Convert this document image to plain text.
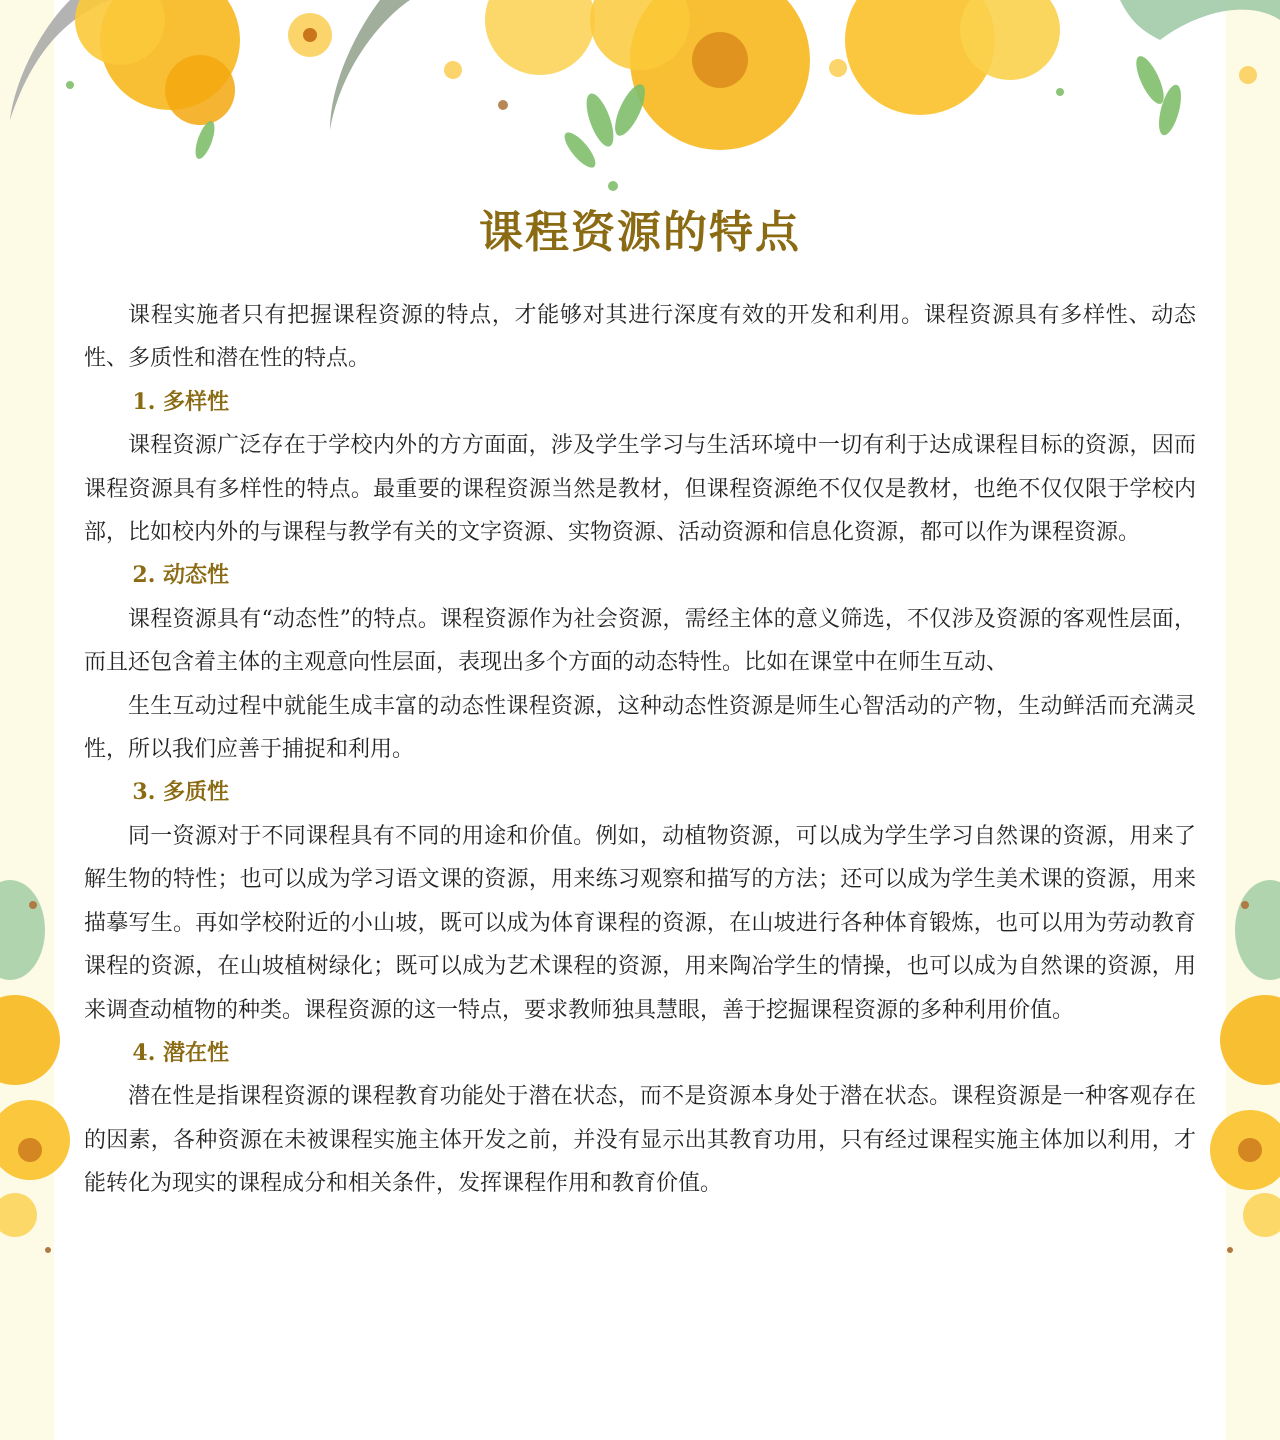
课程资源的特点

课程实施者只有把握课程资源的特点，才能够对其进行深度有效的开发和利用。课程资源具有多样性、动态性、多质性和潜在性的特点。

1. 多样性

课程资源广泛存在于学校内外的方方面面，涉及学生学习与生活环境中一切有利于达成课程目标的资源，因而课程资源具有多样性的特点。最重要的课程资源当然是教材，但课程资源绝不仅仅是教材，也绝不仅仅限于学校内部，比如校内外的与课程与教学有关的文字资源、实物资源、活动资源和信息化资源，都可以作为课程资源。

2. 动态性

课程资源具有“动态性”的特点。课程资源作为社会资源，需经主体的意义筛选，不仅涉及资源的客观性层面，而且还包含着主体的主观意向性层面，表现出多个方面的动态特性。比如在课堂中在师生互动、

生生互动过程中就能生成丰富的动态性课程资源，这种动态性资源是师生心智活动的产物，生动鲜活而充满灵性，所以我们应善于捕捉和利用。

3. 多质性

同一资源对于不同课程具有不同的用途和价值。例如，动植物资源，可以成为学生学习自然课的资源，用来了解生物的特性；也可以成为学习语文课的资源，用来练习观察和描写的方法；还可以成为学生美术课的资源，用来描摹写生。再如学校附近的小山坡，既可以成为体育课程的资源，在山坡进行各种体育锻炼，也可以用为劳动教育课程的资源，在山坡植树绿化；既可以成为艺术课程的资源，用来陶冶学生的情操，也可以成为自然课的资源，用来调查动植物的种类。课程资源的这一特点，要求教师独具慧眼，善于挖掘课程资源的多种利用价值。

4. 潜在性

潜在性是指课程资源的课程教育功能处于潜在状态，而不是资源本身处于潜在状态。课程资源是一种客观存在的因素，各种资源在未被课程实施主体开发之前，并没有显示出其教育功用，只有经过课程实施主体加以利用，才能转化为现实的课程成分和相关条件，发挥课程作用和教育价值。
